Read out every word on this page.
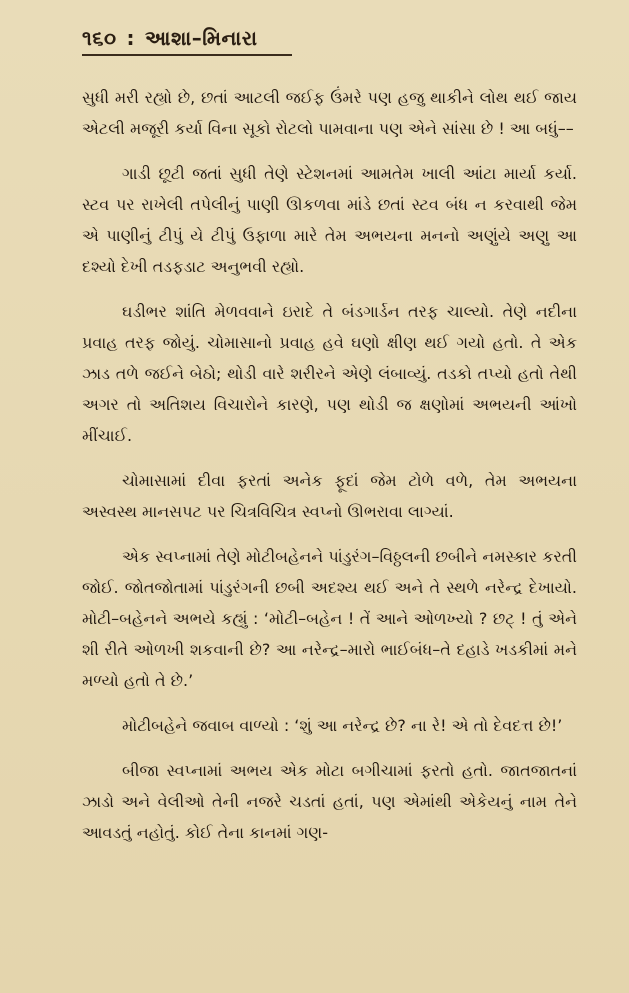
૧૬૦ : આશા–મિનારા

સુધી મરી રહ્યો છે, છતાં આટલી જઈફ ઉંમરે પણ હજુ થાકીને લોથ થઈ જાય એટલી મજૂરી કર્યા વિના સૂકો રોટલો પામવાના પણ એને સાંસા છે ! આ બધું––

ગાડી છૂટી જતાં સુધી તેણે સ્ટેશનમાં આમતેમ ખાલી આંટા માર્યા કર્યા. સ્ટવ પર રાખેલી તપેલીનું પાણી ઊકળવા માંડે છતાં સ્ટવ બંધ ન કરવાથી જેમ એ પાણીનું ટીપું યે ટીપું ઉફાળા મારે તેમ અભયના મનનો અણુંયે અણુ આ દશ્યો દેખી તડફડાટ અનુભવી રહ્યો.

ઘડીભર શાંતિ મેળવવાને ઇરાદે તે બંડગાર્ડન તરફ ચાલ્યો. તેણે નદીના પ્રવાહ તરફ જોયું. ચોમાસાનો પ્રવાહ હવે ઘણો ક્ષીણ થઈ ગયો હતો. તે એક ઝાડ તળે જઈને બેઠો; થોડી વારે શરીરને એણે લંબાવ્યું. તડકો તપ્યો હતો તેથી અગર તો અતિશય વિચારોને કારણે, પણ થોડી જ ક્ષણોમાં અભયની આંખો મીંચાઈ.

ચોમાસામાં દીવા ફરતાં અનેક ફૂદાં જેમ ટોળે વળે, તેમ અભયના અસ્વસ્થ માનસપટ પર ચિત્રવિચિત્ર સ્વપ્નો ઊભરાવા લાગ્યાં.

એક સ્વપ્નામાં તેણે મોટીબહેનને પાંડુરંગ–વિઠ્ઠલની છબીને નમસ્કાર કરતી જોઈ. જોતજોતામાં પાંડુરંગની છબી અદશ્ય થઈ અને તે સ્થળે નરેન્દ્ર દેખાયો. મોટી–બહેનને અભયે કહ્યું : ‘મોટી–બહેન ! તેં આને ઓળખ્યો ? છટ્ ! તું એને શી રીતે ઓળખી શકવાની છે? આ નરેન્દ્ર–મારો ભાઈબંધ–તે દહાડે ખડકીમાં મને મળ્યો હતો તે છે.’

મોટીબહેને જવાબ વાળ્યો : ‘શું આ નરેન્દ્ર છે? ના રે! એ તો દેવદત્ત છે!’

બીજા સ્વપ્નામાં અભય એક મોટા બગીચામાં ફરતો હતો. જાતજાતનાં ઝાડો અને વેલીઓ તેની નજરે ચડતાં હતાં, પણ એમાંથી એકેયનું નામ તેને આવડતું નહોતું. કોઈ તેના કાનમાં ગણ-
